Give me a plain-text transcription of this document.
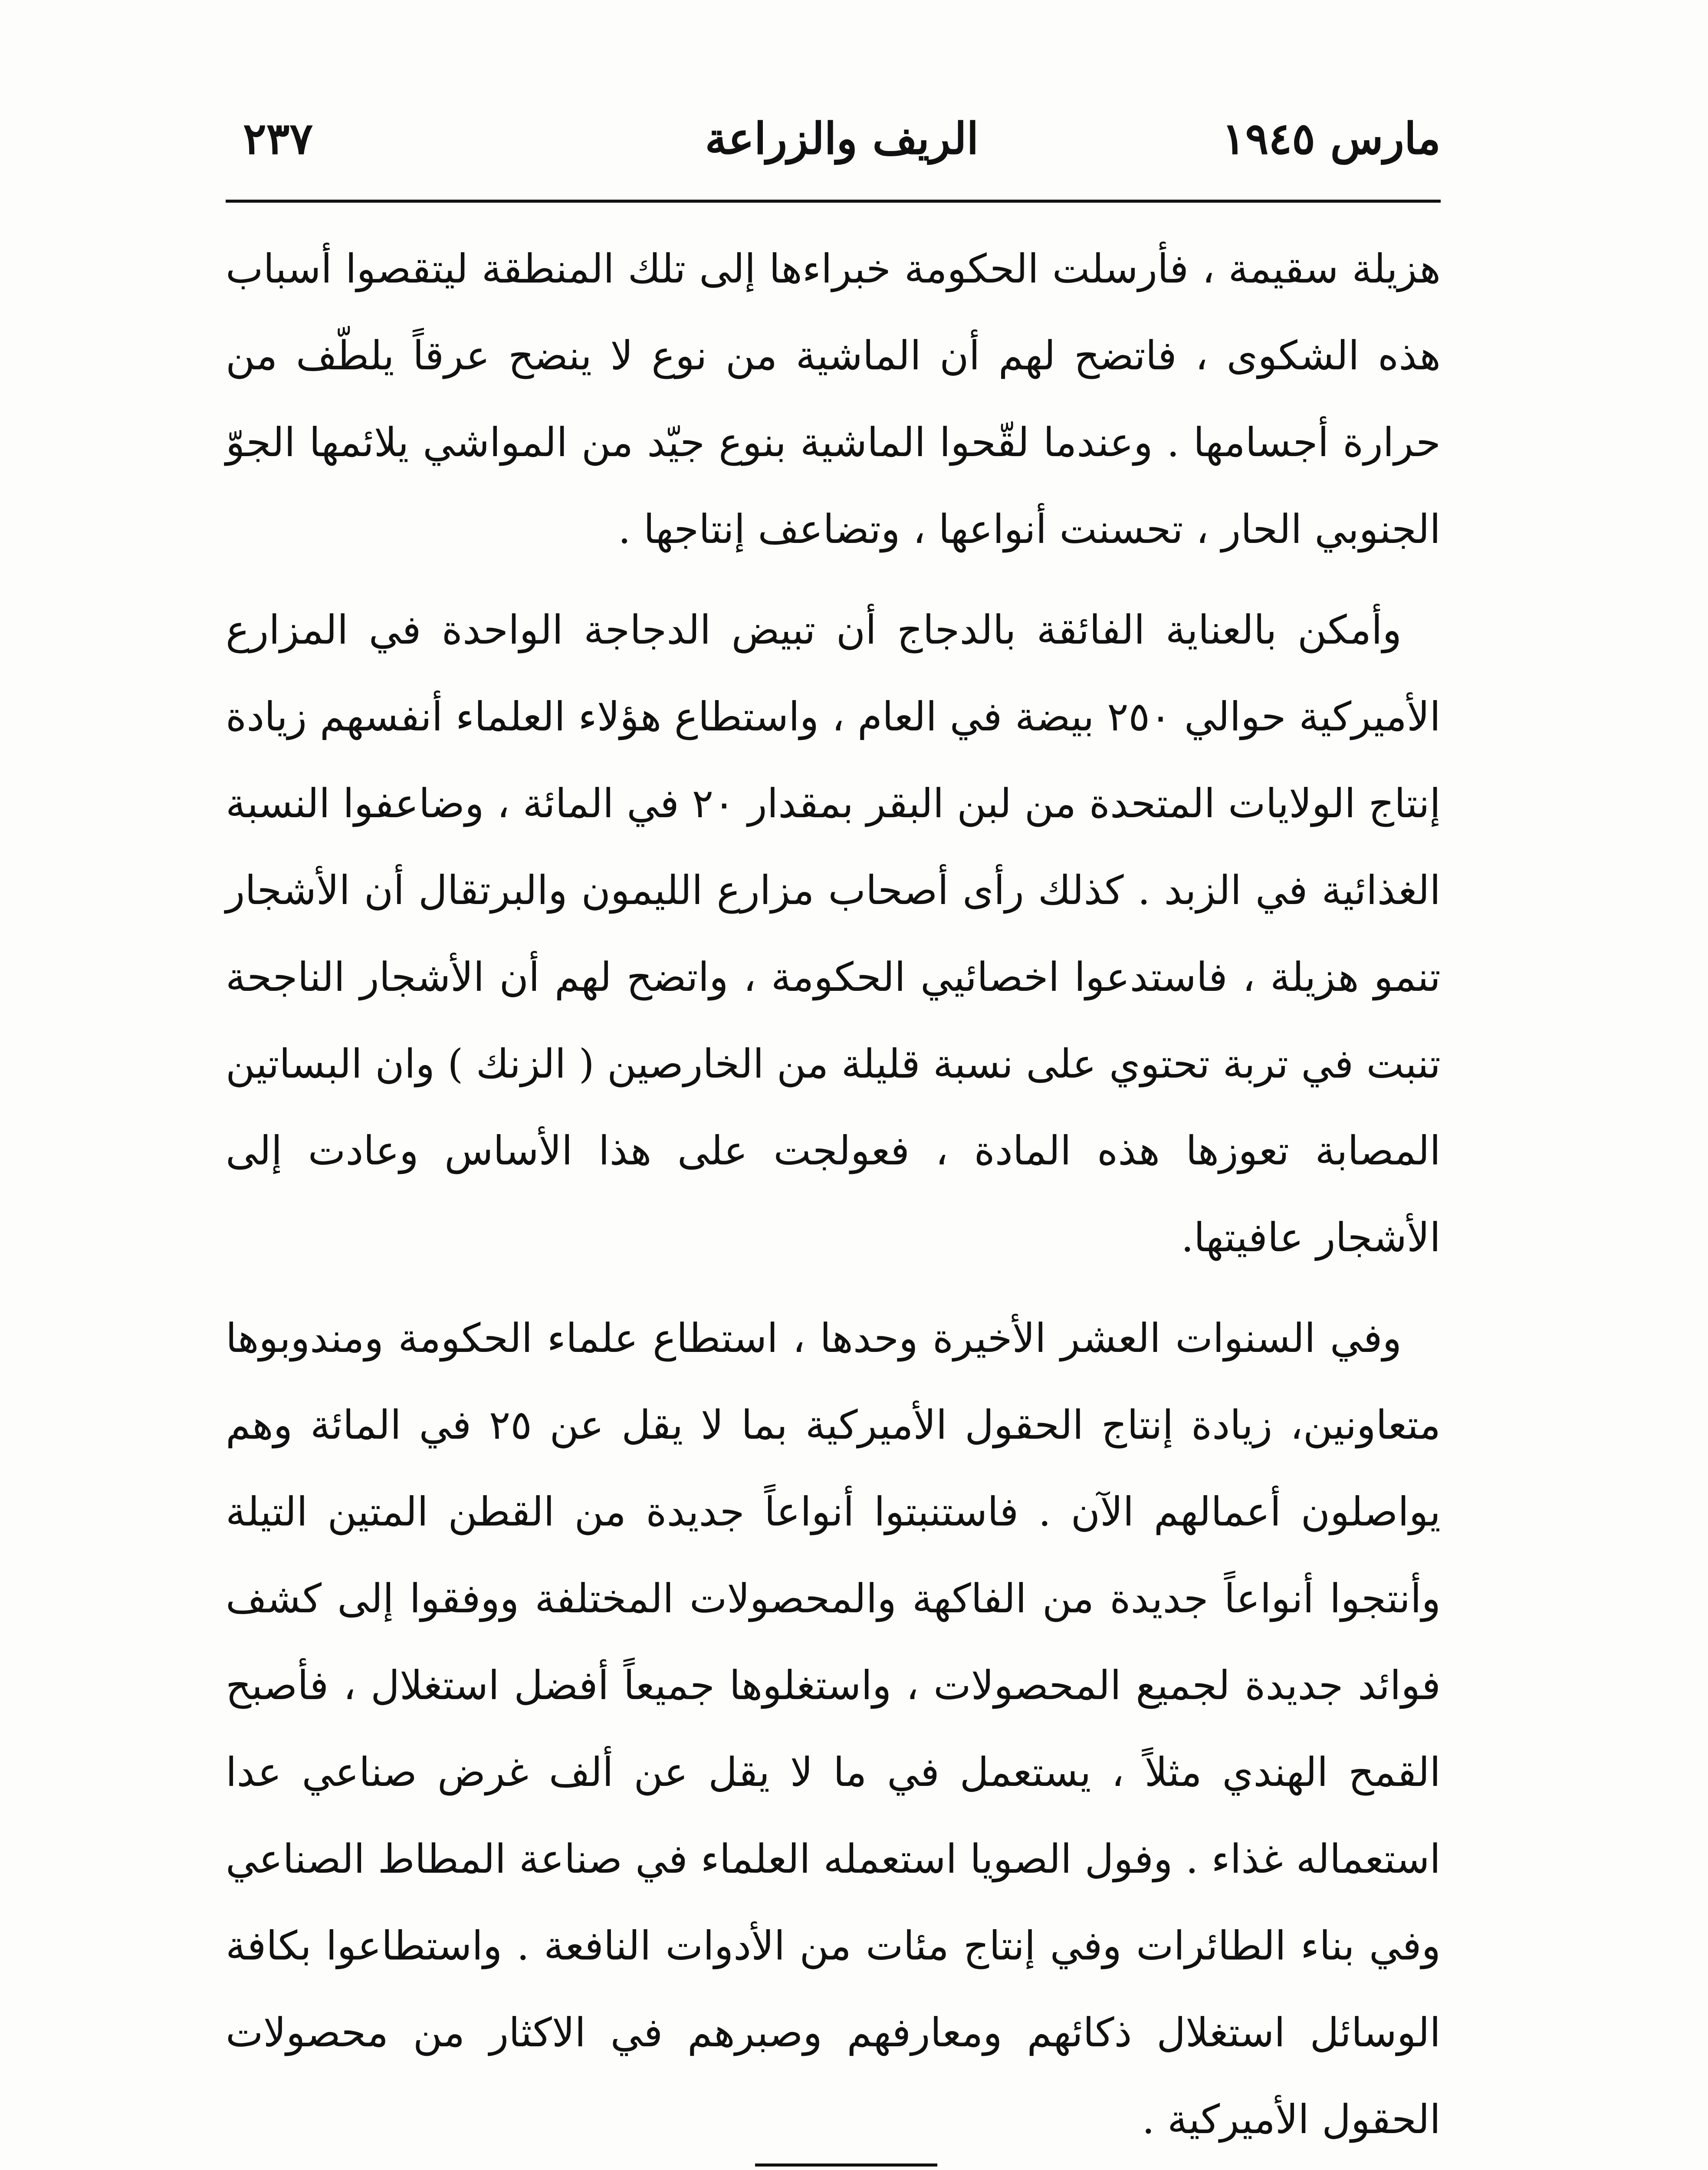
مارس ١٩٤٥
الريف والزراعة
٢٣٧

هزيلة سقيمة ، فأرسلت الحكومة خبراءها إلى تلك المنطقة ليتقصوا أسباب هذه الشكوى ، فاتضح لهم أن الماشية من نوع لا ينضح عرقاً يلطّف من حرارة أجسامها . وعندما لقّحوا الماشية بنوع جيّد من المواشي يلائمها الجوّ الجنوبي الحار ، تحسنت أنواعها ، وتضاعف إنتاجها .

وأمكن بالعناية الفائقة بالدجاج أن تبيض الدجاجة الواحدة في المزارع الأميركية حوالي ٢٥٠ بيضة في العام ، واستطاع هؤلاء العلماء أنفسهم زيادة إنتاج الولايات المتحدة من لبن البقر بمقدار ٢٠ في المائة ، وضاعفوا النسبة الغذائية في الزبد . كذلك رأى أصحاب مزارع الليمون والبرتقال أن الأشجار تنمو هزيلة ، فاستدعوا اخصائيي الحكومة ، واتضح لهم أن الأشجار الناجحة تنبت في تربة تحتوي على نسبة قليلة من الخارصين ( الزنك ) وان البساتين المصابة تعوزها هذه المادة ، فعولجت على هذا الأساس وعادت إلى الأشجار عافيتها.

وفي السنوات العشر الأخيرة وحدها ، استطاع علماء الحكومة ومندوبوها متعاونين، زيادة إنتاج الحقول الأميركية بما لا يقل عن ٢٥ في المائة وهم يواصلون أعمالهم الآن . فاستنبتوا أنواعاً جديدة من القطن المتين التيلة وأنتجوا أنواعاً جديدة من الفاكهة والمحصولات المختلفة ووفقوا إلى كشف فوائد جديدة لجميع المحصولات ، واستغلوها جميعاً أفضل استغلال ، فأصبح القمح الهندي مثلاً ، يستعمل في ما لا يقل عن ألف غرض صناعي عدا استعماله غذاء . وفول الصويا استعمله العلماء في صناعة المطاط الصناعي وفي بناء الطائرات وفي إنتاج مئات من الأدوات النافعة . واستطاعوا بكافة الوسائل استغلال ذكائهم ومعارفهم وصبرهم في الاكثار من محصولات الحقول الأميركية .
